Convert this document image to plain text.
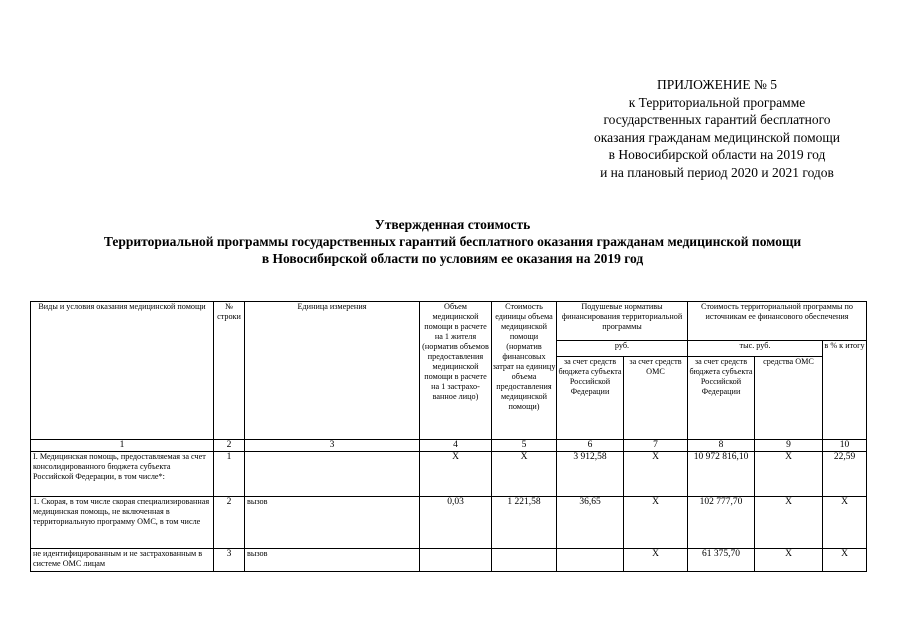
ПРИЛОЖЕНИЕ № 5
к Территориальной программе
государственных гарантий бесплатного
оказания гражданам медицинской помощи
в Новосибирской области на 2019 год
и на плановый период 2020 и 2021 годов
Утвержденная стоимость
Территориальной программы государственных гарантий бесплатного оказания гражданам медицинской помощи
в Новосибирской области по условиям ее оказания на 2019 год
Виды и условия оказания медицинской помощи	№ строки	Единица измерения	Объем медицинской помощи в расчете на 1 жителя (норматив объемов предоставления медицинской помощи в расчете на 1 застрахо-ванное лицо)	Стоимость единицы объема медицинской помощи (норматив финансовых затрат на единицу объема предоставления медицинской помощи)	Подушевые нормативы финансирования территориальной программы		Стоимость территориальной программы по источникам ее финансового обеспечения		
					руб.		тыс. руб.		в % к итогу
					за счет средств бюджета субъекта Российской Федерации	за счет средств ОМС	за счет средств бюджета субъекта Российской Федерации	средства ОМС	
1	2	3	4	5	6	7	8	9	10
I. Медицинская помощь, предоставляемая за счет консолидированного бюджета субъекта Российской Федерации, в том числе*:	1		X	X	3 912,58	X	10 972 816,10	X	22,59
1. Скорая, в том числе скорая специализированная медицинская помощь, не включенная в территориальную программу ОМС, в том числе	2	вызов	0,03	1 221,58	36,65	X	102 777,70	X	X
не идентифицированным и не застрахованным в системе ОМС лицам	3	вызов				X	61 375,70	X	X
